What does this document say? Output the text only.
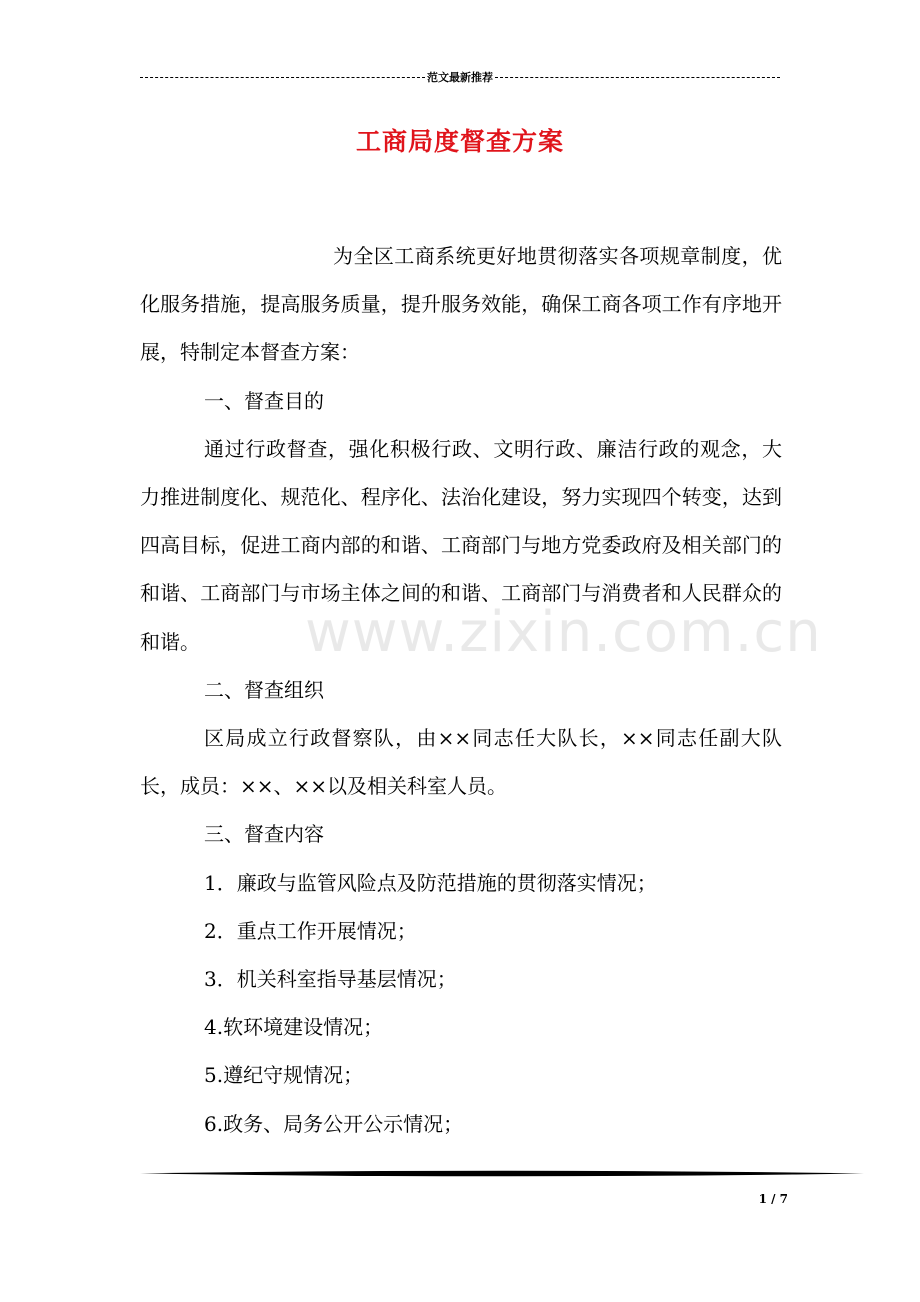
范文最新推荐
工商局度督查方案

为全区工商系统更好地贯彻落实各项规章制度，优化服务措施，提高服务质量，提升服务效能，确保工商各项工作有序地开展，特制定本督查方案：

一、督查目的

通过行政督查，强化积极行政、文明行政、廉洁行政的观念，大力推进制度化、规范化、程序化、法治化建设，努力实现四个转变，达到四高目标，促进工商内部的和谐、工商部门与地方党委政府及相关部门的和谐、工商部门与市场主体之间的和谐、工商部门与消费者和人民群众的和谐。

二、督查组织

区局成立行政督察队，由××同志任大队长，××同志任副大队长，成员：××、××以及相关科室人员。

三、督查内容

1．廉政与监管风险点及防范措施的贯彻落实情况；

2．重点工作开展情况；

3．机关科室指导基层情况；

4.软环境建设情况；

5.遵纪守规情况；

6.政务、局务公开公示情况；

www.zixin.com.cn
1 / 7
